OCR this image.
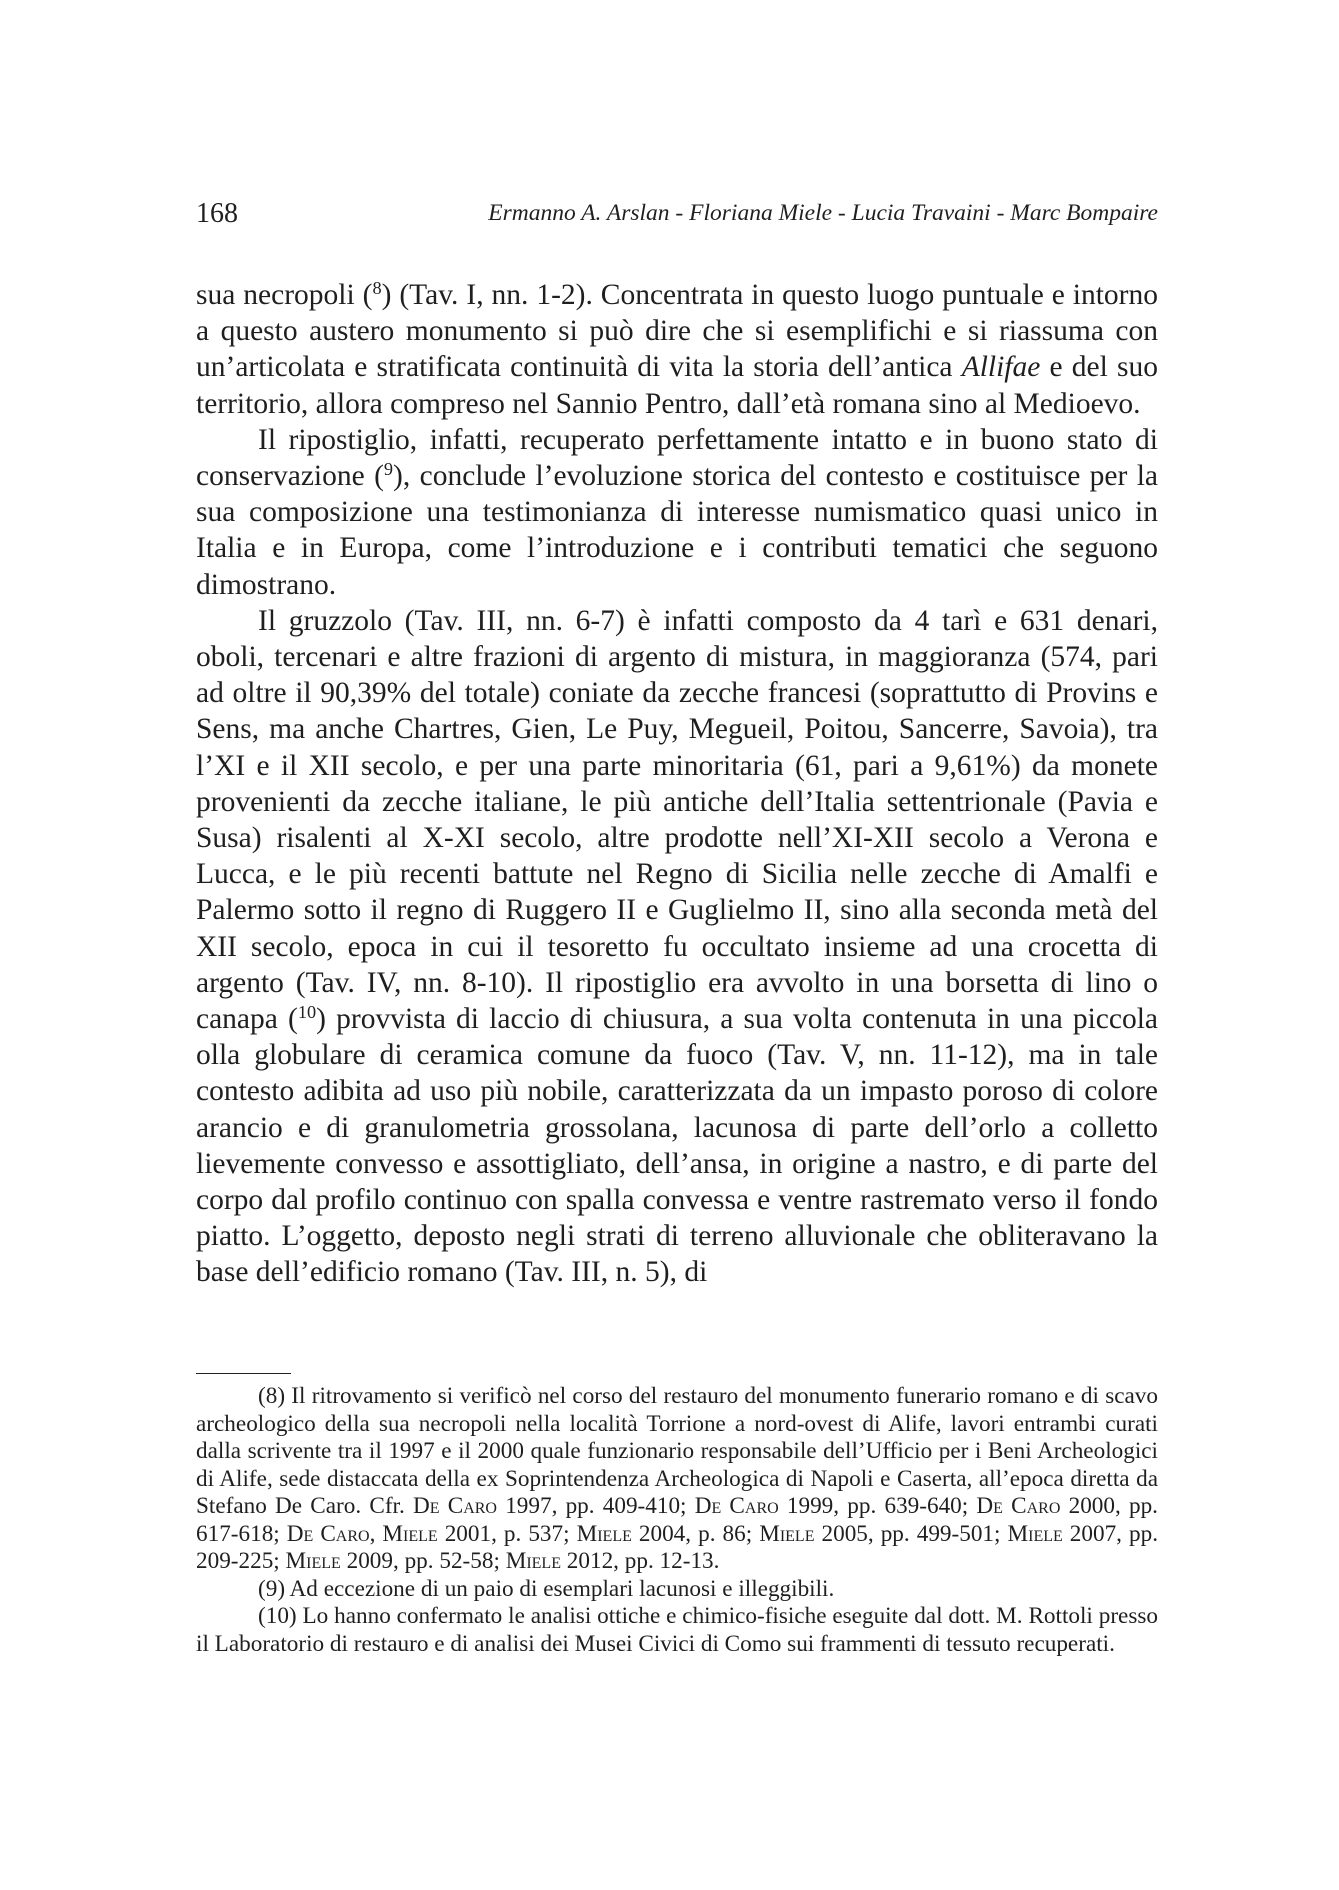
168	Ermanno A. Arslan - Floriana Miele - Lucia Travaini - Marc Bompaire

sua necropoli ($^8$) (Tav. I, nn. 1-2). Concentrata in questo luogo puntuale e intorno a questo austero monumento si può dire che si esemplifichi e si riassuma con un’articolata e stratificata continuità di vita la storia dell’antica Allifae e del suo territorio, allora compreso nel Sannio Pentro, dall’età romana sino al Medioevo.

Il ripostiglio, infatti, recuperato perfettamente intatto e in buono stato di conservazione ($^9$), conclude l’evoluzione storica del contesto e costituisce per la sua composizione una testimonianza di interesse numismatico quasi unico in Italia e in Europa, come l’introduzione e i contributi tematici che seguono dimostrano.

Il gruzzolo (Tav. III, nn. 6-7) è infatti composto da 4 tarì e 631 denari, oboli, tercenari e altre frazioni di argento di mistura, in maggioranza (574, pari ad oltre il 90,39% del totale) coniate da zecche francesi (soprattutto di Provins e Sens, ma anche Chartres, Gien, Le Puy, Megueil, Poitou, Sancerre, Savoia), tra l’XI e il XII secolo, e per una parte minoritaria (61, pari a 9,61%) da monete provenienti da zecche italiane, le più antiche dell’Italia settentrionale (Pavia e Susa) risalenti al X-XI secolo, altre prodotte nell’XI-XII secolo a Verona e Lucca, e le più recenti battute nel Regno di Sicilia nelle zecche di Amalfi e Palermo sotto il regno di Ruggero II e Guglielmo II, sino alla seconda metà del XII secolo, epoca in cui il tesoretto fu occultato insieme ad una crocetta di argento (Tav. IV, nn. 8-10). Il ripostiglio era avvolto in una borsetta di lino o canapa ($^{10}$) provvista di laccio di chiusura, a sua volta contenuta in una piccola olla globulare di ceramica comune da fuoco (Tav. V, nn. 11-12), ma in tale contesto adibita ad uso più nobile, caratterizzata da un impasto poroso di colore arancio e di granulometria grossolana, lacunosa di parte dell’orlo a colletto lievemente convesso e assottigliato, dell’ansa, in origine a nastro, e di parte del corpo dal profilo continuo con spalla convessa e ventre rastremato verso il fondo piatto. L’oggetto, deposto negli strati di terreno alluvionale che obliteravano la base dell’edificio romano (Tav. III, n. 5), di

(8) Il ritrovamento si verificò nel corso del restauro del monumento funerario romano e di scavo archeologico della sua necropoli nella località Torrione a nord-ovest di Alife, lavori entrambi curati dalla scrivente tra il 1997 e il 2000 quale funzionario responsabile dell’Ufficio per i Beni Archeologici di Alife, sede distaccata della ex Soprintendenza Archeologica di Napoli e Caserta, all’epoca diretta da Stefano De Caro. Cfr. De Caro 1997, pp. 409-410; De Caro 1999, pp. 639-640; De Caro 2000, pp. 617-618; De Caro, Miele 2001, p. 537; Miele 2004, p. 86; Miele 2005, pp. 499-501; Miele 2007, pp. 209-225; Miele 2009, pp. 52-58; Miele 2012, pp. 12-13.

(9) Ad eccezione di un paio di esemplari lacunosi e illeggibili.

(10) Lo hanno confermato le analisi ottiche e chimico-fisiche eseguite dal dott. M. Rottoli presso il Laboratorio di restauro e di analisi dei Musei Civici di Como sui frammenti di tessuto recuperati.
